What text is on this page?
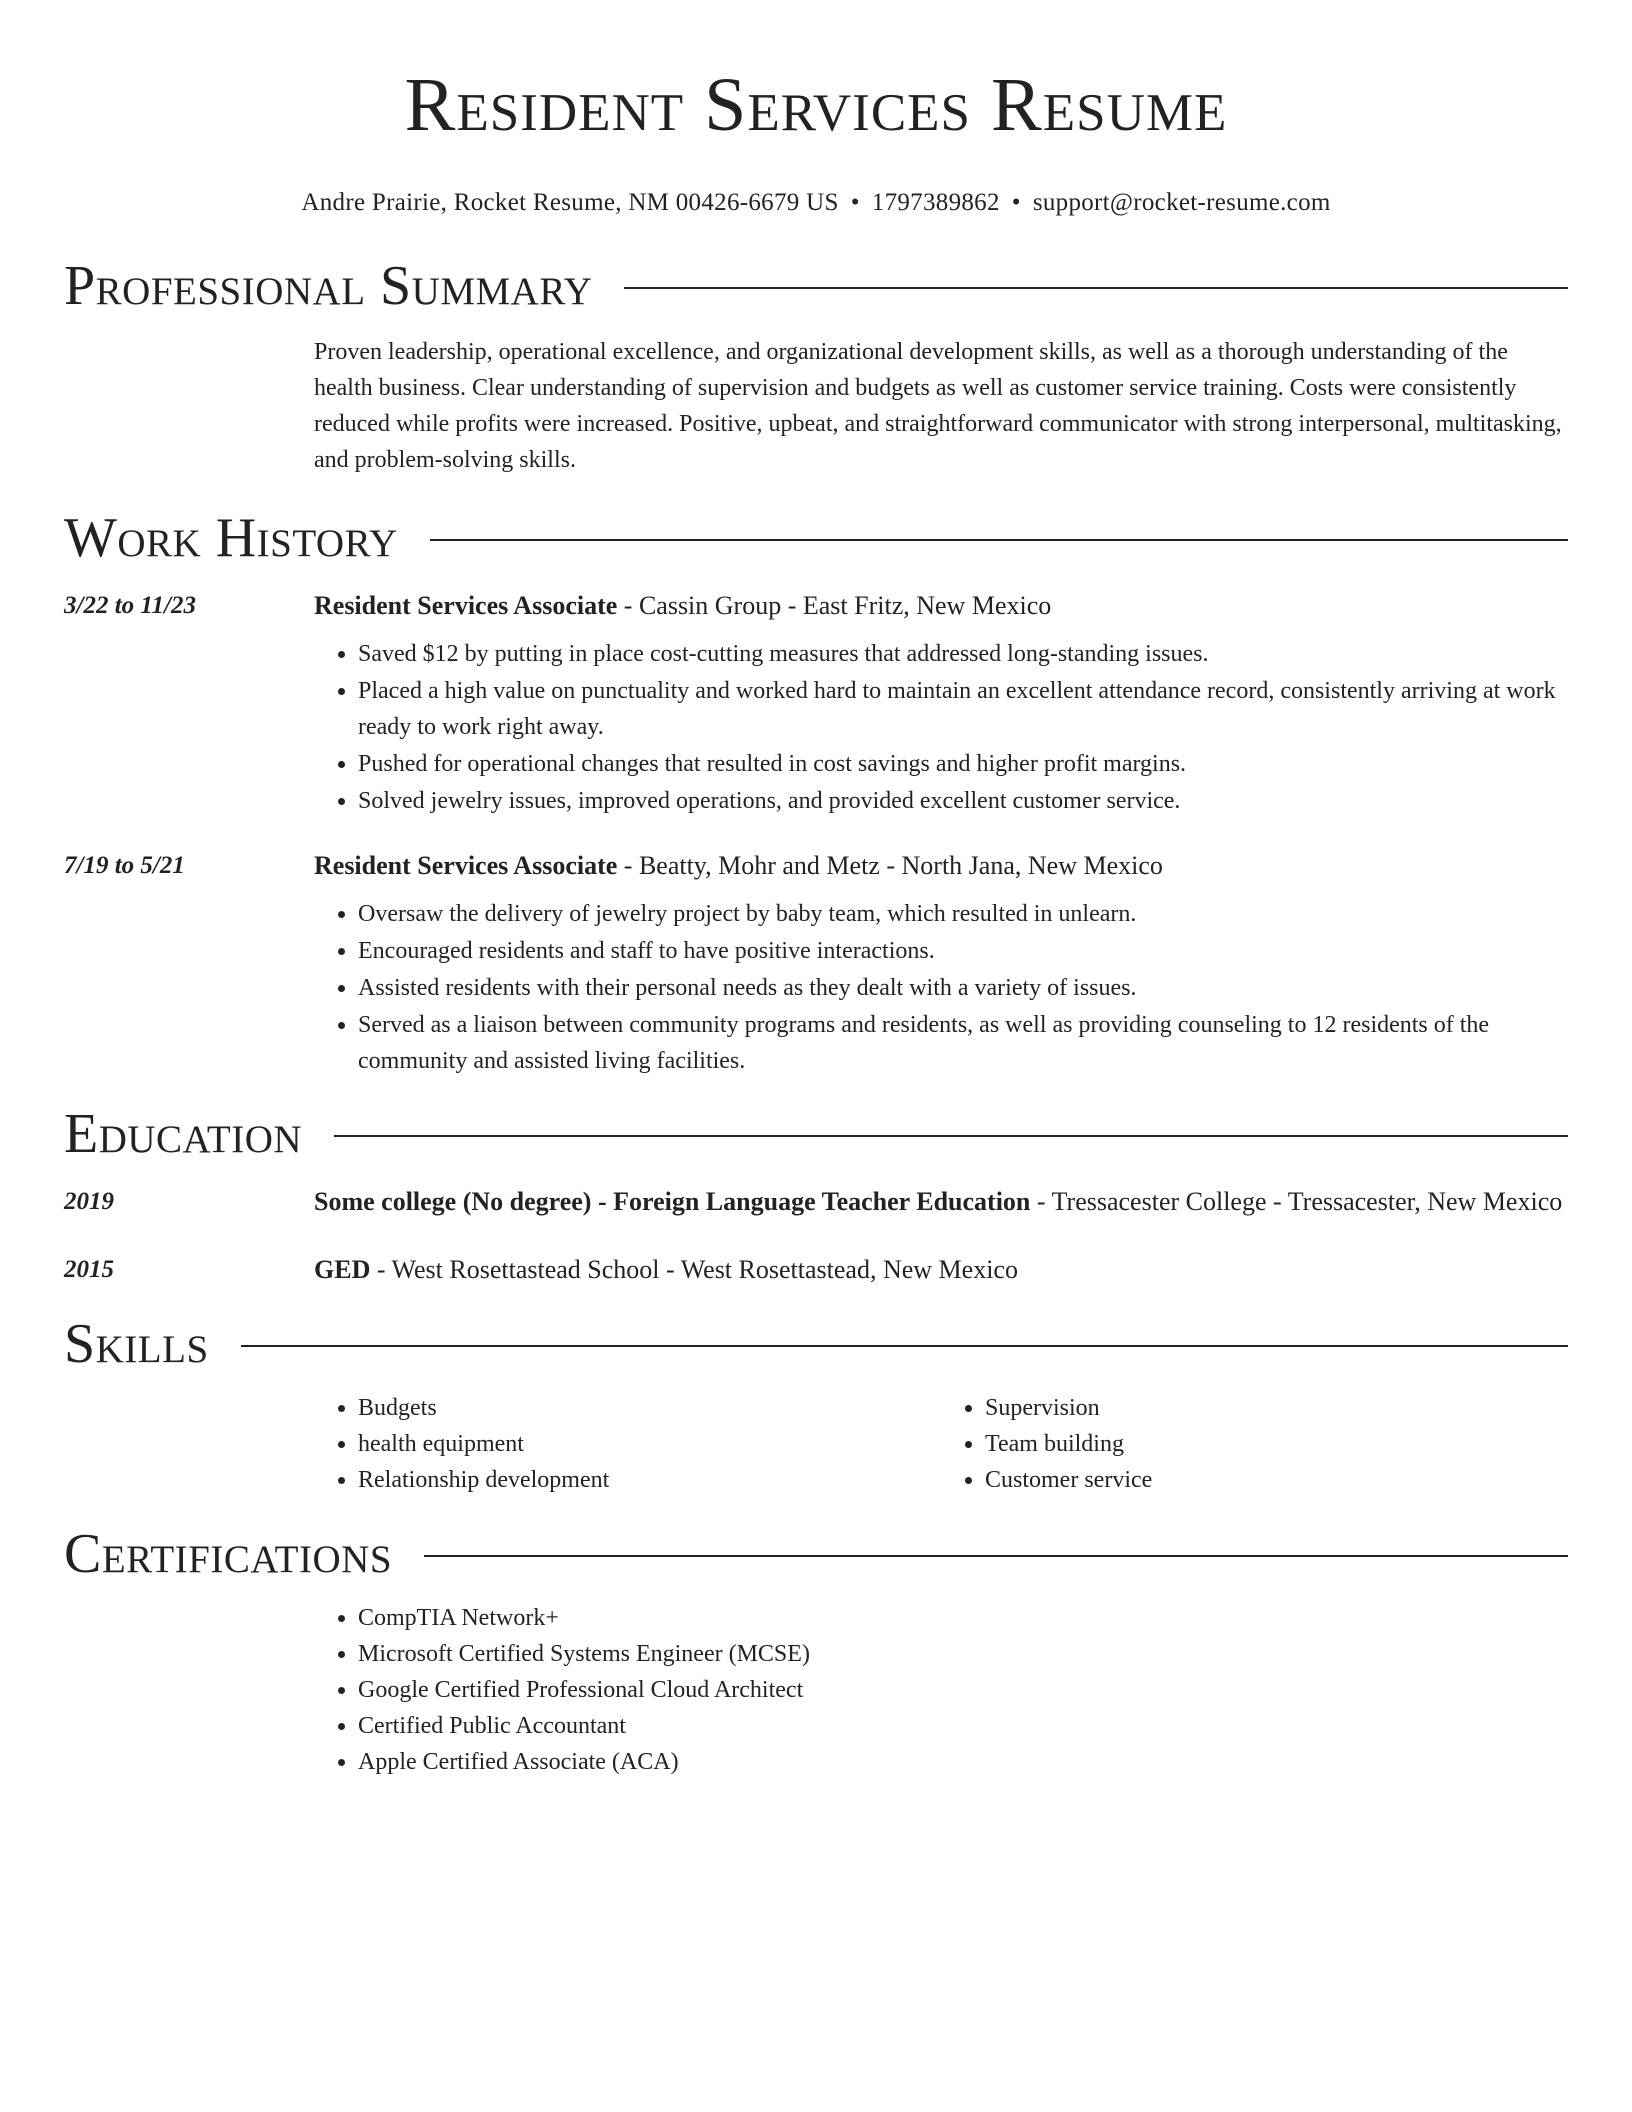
Resident Services Resume
Andre Prairie, Rocket Resume, NM 00426-6679 US • 1797389862 • support@rocket-resume.com
Professional Summary
Proven leadership, operational excellence, and organizational development skills, as well as a thorough understanding of the health business. Clear understanding of supervision and budgets as well as customer service training. Costs were consistently reduced while profits were increased. Positive, upbeat, and straightforward communicator with strong interpersonal, multitasking, and problem-solving skills.
Work History
3/22 to 11/23	Resident Services Associate - Cassin Group - East Fritz, New Mexico
• Saved $12 by putting in place cost-cutting measures that addressed long-standing issues.
• Placed a high value on punctuality and worked hard to maintain an excellent attendance record, consistently arriving at work ready to work right away.
• Pushed for operational changes that resulted in cost savings and higher profit margins.
• Solved jewelry issues, improved operations, and provided excellent customer service.
7/19 to 5/21	Resident Services Associate - Beatty, Mohr and Metz - North Jana, New Mexico
• Oversaw the delivery of jewelry project by baby team, which resulted in unlearn.
• Encouraged residents and staff to have positive interactions.
• Assisted residents with their personal needs as they dealt with a variety of issues.
• Served as a liaison between community programs and residents, as well as providing counseling to 12 residents of the community and assisted living facilities.
Education
2019	Some college (No degree) - Foreign Language Teacher Education - Tressacester College - Tressacester, New Mexico
2015	GED - West Rosettastead School - West Rosettastead, New Mexico
Skills
• Budgets
• health equipment
• Relationship development
• Supervision
• Team building
• Customer service
Certifications
• CompTIA Network+
• Microsoft Certified Systems Engineer (MCSE)
• Google Certified Professional Cloud Architect
• Certified Public Accountant
• Apple Certified Associate (ACA)
